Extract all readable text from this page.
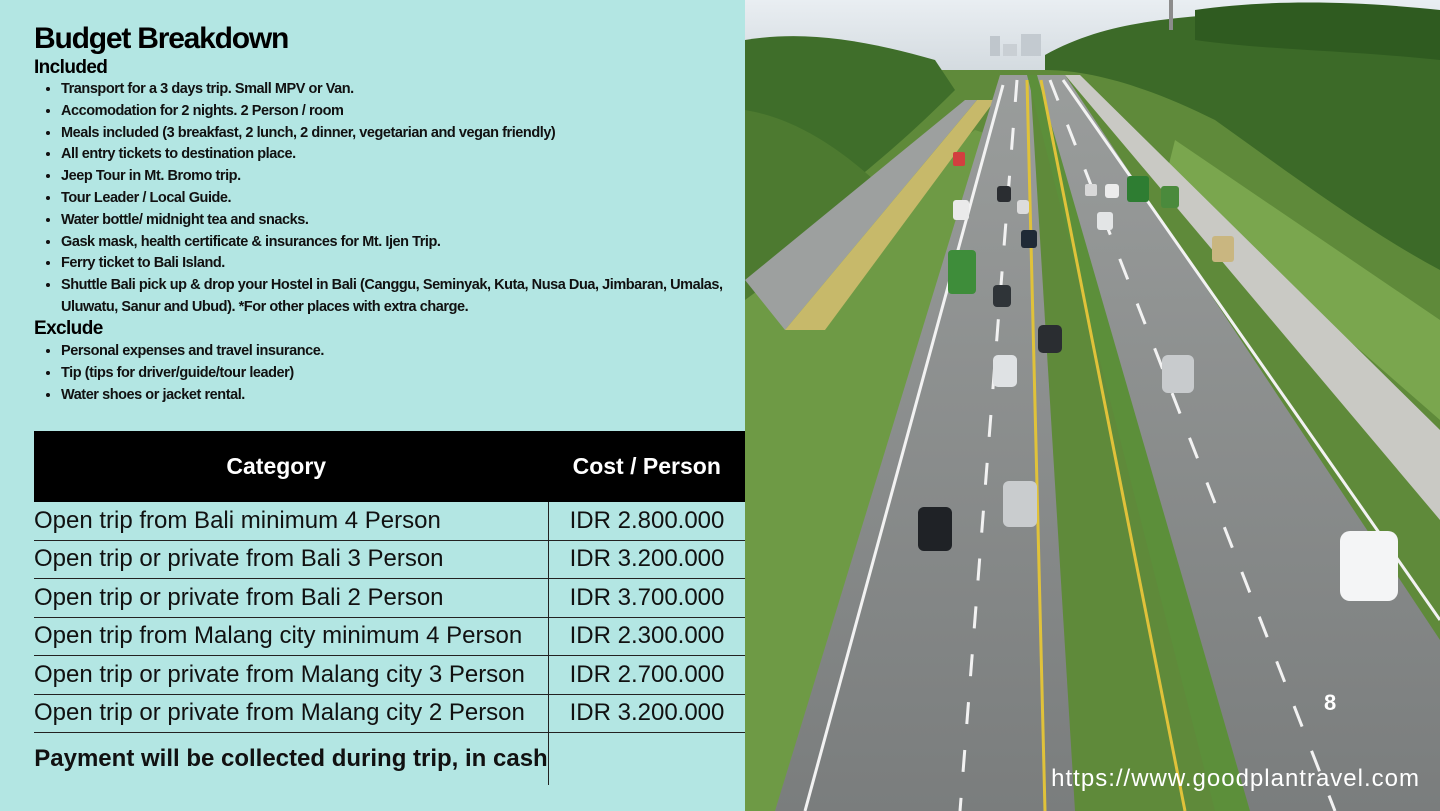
Budget Breakdown
Included
• Transport for a 3 days trip. Small MPV or Van.
• Accomodation for 2 nights. 2 Person / room
• Meals included (3 breakfast, 2 lunch, 2 dinner, vegetarian and vegan friendly)
• All entry tickets to destination place.
• Jeep Tour in Mt. Bromo trip.
• Tour Leader / Local Guide.
• Water bottle/ midnight tea and snacks.
• Gask mask, health certificate & insurances for Mt. Ijen Trip.
• Ferry ticket to Bali Island.
• Shuttle Bali pick up & drop your Hostel in Bali (Canggu, Seminyak, Kuta, Nusa Dua, Jimbaran, Umalas, Uluwatu, Sanur and Ubud). *For other places with extra charge.
Exclude
• Personal expenses and travel insurance.
• Tip (tips for driver/guide/tour leader)
• Water shoes or jacket rental.
Category	Cost / Person
Open trip from Bali minimum 4 Person	IDR 2.800.000
Open trip or private from Bali 3 Person	IDR 3.200.000
Open trip or private from Bali 2 Person	IDR 3.700.000
Open trip from Malang city minimum 4 Person	IDR 2.300.000
Open trip or private from Malang city 3 Person	IDR 2.700.000
Open trip or private from Malang city 2 Person	IDR 3.200.000
Payment will be collected during trip, in cash	
8
https://www.goodplantravel.com
